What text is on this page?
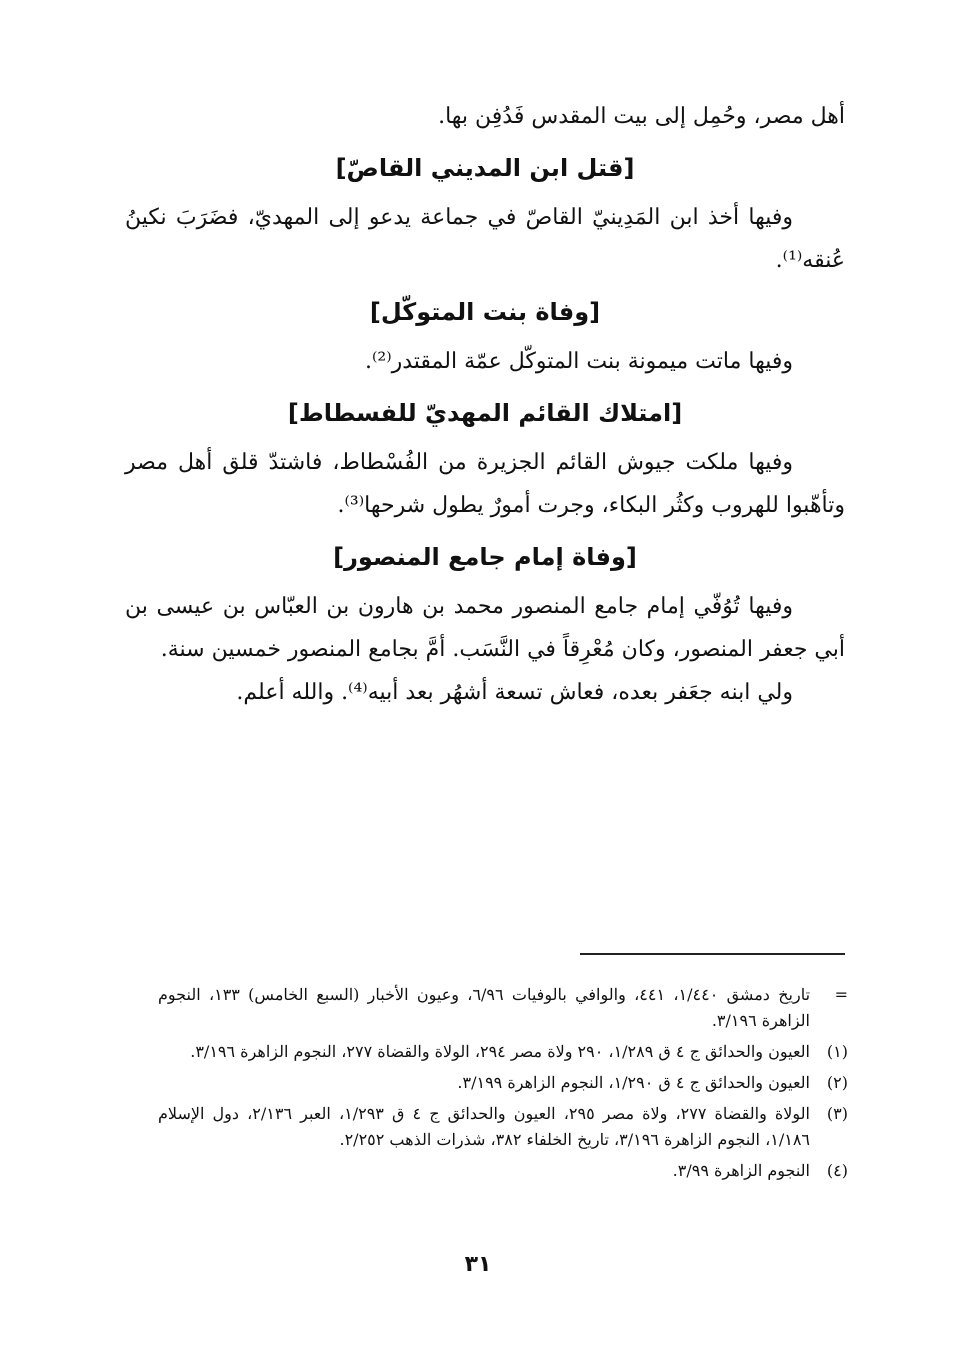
أهل مصر، وحُمِل إلى بيت المقدس فَدُفِن بها.

[قتل ابن المديني القاصّ]

وفيها أخذ ابن المَدِينيّ القاصّ في جماعة يدعو إلى المهديّ، فضَرَبَ نكينُ عُنقه⁽¹⁾.

[وفاة بنت المتوكّل]

وفيها ماتت ميمونة بنت المتوكّل عمّة المقتدر⁽²⁾.

[امتلاك القائم المهديّ للفسطاط]

وفيها ملكت جيوش القائم الجزيرة من الفُسْطاط، فاشتدّ قلق أهل مصر وتأهّبوا للهروب وكثُر البكاء، وجرت أمورٌ يطول شرحها⁽³⁾.

[وفاة إمام جامع المنصور]

وفيها تُوُفّي إمام جامع المنصور محمد بن هارون بن العبّاس بن عيسى بن أبي جعفر المنصور، وكان مُعْرِقاً في النَّسَب. أمَّ بجامع المنصور خمسين سنة.

ولي ابنه جعَفر بعده، فعاش تسعة أشهُر بعد أبيه⁽⁴⁾. والله أعلم.

=
تاريخ دمشق ١/٤٤٠، ٤٤١، والوافي بالوفيات ٦/٩٦، وعيون الأخبار (السبع الخامس) ١٣٣، النجوم الزاهرة ٣/١٩٦.
(١)
العيون والحدائق ج ٤ ق ١/٢٨٩، ٢٩٠ ولاة مصر ٢٩٤، الولاة والقضاة ٢٧٧، النجوم الزاهرة ٣/١٩٦.
(٢)
العيون والحدائق ج ٤ ق ١/٢٩٠، النجوم الزاهرة ٣/١٩٩.
(٣)
الولاة والقضاة ٢٧٧، ولاة مصر ٢٩٥، العيون والحدائق ج ٤ ق ١/٢٩٣، العبر ٢/١٣٦، دول الإسلام ١/١٨٦، النجوم الزاهرة ٣/١٩٦، تاريخ الخلفاء ٣٨٢، شذرات الذهب ٢/٢٥٢.
(٤)
النجوم الزاهرة ٣/٩٩.
٣١
